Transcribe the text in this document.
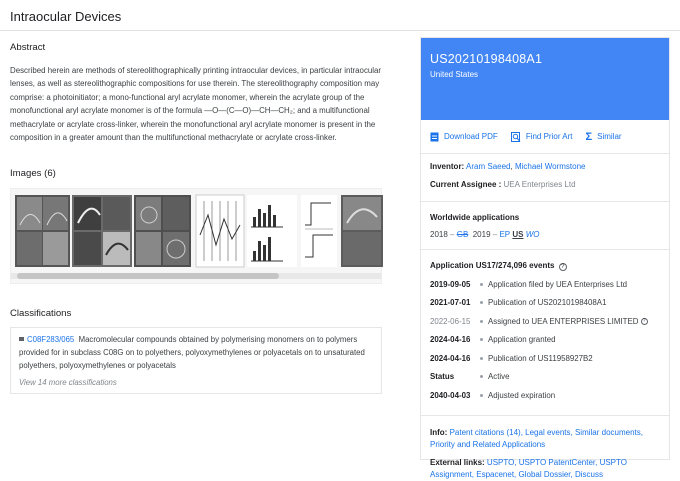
Intraocular Devices
Abstract
Described herein are methods of stereolithographically printing intraocular devices, in particular intraocular lenses, as well as stereolithographic compositions for use therein. The stereolithography composition may comprise: a photoinitiator; a mono-functional aryl acrylate monomer, wherein the acrylate group of the monofunctional aryl acrylate monomer is of the formula —O—(C—O)—CH—CH₂; and a multifunctional methacrylate or acrylate cross-linker, wherein the monofunctional aryl acrylate monomer is present in the composition in a greater amount than the multifunctional methacrylate or acrylate cross-linker.
Images (6)
Classifications
C08F283/065 Macromolecular compounds obtained by polymerising monomers on to polymers provided for in subclass C08G on to polyethers, polyoxymethylenes or polyacetals on to unsaturated polyethers, polyoxymethylenes or polyacetals
View 14 more classifications
US20210198408A1
United States
Download PDF	Find Prior Art Σ Similar
Inventor: Aram Saeed, Michael Wormstone
Current Assignee : UEA Enterprises Ltd
Worldwide applications
2018
–
GB
2019
–
EP
US
WO
Application US17/274,096 events ?
2019-09-05	Application filed by UEA Enterprises Ltd
2021-07-01	Publication of US20210198408A1
2022-06-15	Assigned to UEA ENTERPRISES LIMITED
?
2024-04-16	Application granted
2024-04-16	Publication of US11958927B2
Status	Active
2040-04-03	Adjusted expiration
Info: Patent citations (14), Legal events, Similar documents, Priority and Related Applications
External links: USPTO, USPTO PatentCenter, USPTO Assignment, Espacenet, Global Dossier, Discuss
